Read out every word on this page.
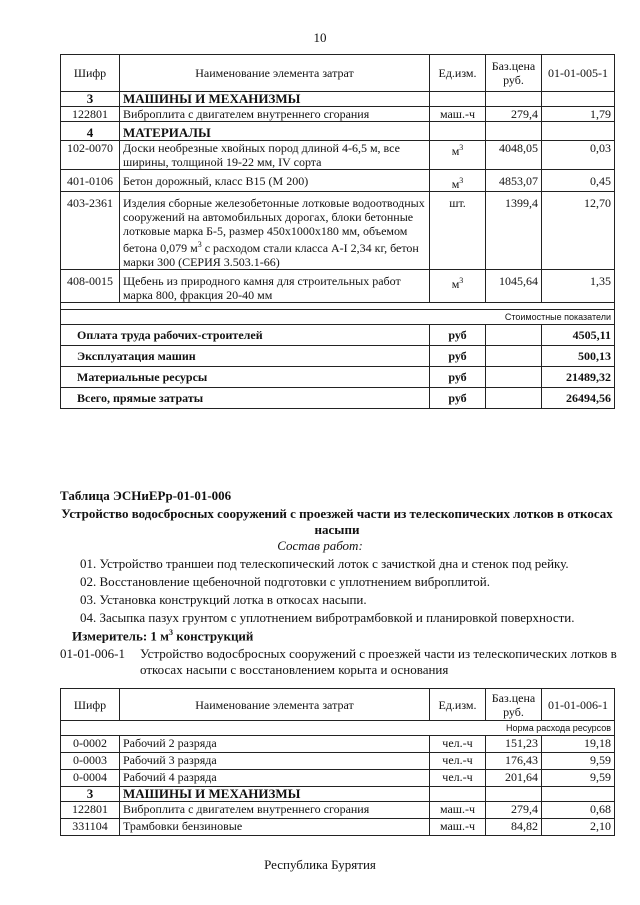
10
Шифр	Наименование элемента затрат	Ед.изм.	Баз.цена руб.	01-01-005-1
3	МАШИНЫ И МЕХАНИЗМЫ			
122801	Виброплита с двигателем внутреннего сгорания	маш.-ч	279,4	1,79
4	МАТЕРИАЛЫ			
102-0070	Доски необрезные хвойных пород длиной 4-6,5 м, все ширины, толщиной 19-22 мм, IV сорта	$м^3$	4048,05	0,03
401-0106	Бетон дорожный, класс В15 (М 200)	$м^3$	4853,07	0,45
403-2361	Изделия сборные железобетонные лотковые водоотводных сооружений на автомобильных дорогах, блоки бетонные лотковые марка Б-5, размер 450х1000х180 мм, объемом бетона 0,079 $м^3$ с расходом стали класса А-I 2,34 кг, бетон марки 300 (СЕРИЯ 3.503.1-66)	шт.	1399,4	12,70
408-0015	Щебень из природного камня для строительных работ марка 800, фракция 20-40 мм	$м^3$	1045,64	1,35

Стоимостные показатели				
Оплата труда рабочих-строителей		руб		4505,11
Эксплуатация машин		руб		500,13
Материальные ресурсы		руб		21489,32
Всего, прямые затраты		руб		26494,56
Таблица ЭСНиЕРр-01-01-006
Устройство водосбросных сооружений с проезжей части из телескопических лотков в откосах насыпи
Состав работ:
01. Устройство траншеи под телескопический лоток с зачисткой дна и стенок под рейку.
02. Восстановление щебеночной подготовки с уплотнением виброплитой.
03. Установка конструкций лотка в откосах насыпи.
04. Засыпка пазух грунтом с уплотнением вибротрамбовкой и планировкой поверхности.
Измеритель: 1 $м^3$ конструкций
01-01-006-1 Устройство водосбросных сооружений с проезжей части из телескопических лотков в откосах насыпи с восстановлением корыта и основания
Шифр	Наименование элемента затрат	Ед.изм.	Баз.цена руб.	01-01-006-1
Норма расхода ресурсов				
0-0002	Рабочий 2 разряда	чел.-ч	151,23	19,18
0-0003	Рабочий 3 разряда	чел.-ч	176,43	9,59
0-0004	Рабочий 4 разряда	чел.-ч	201,64	9,59
3	МАШИНЫ И МЕХАНИЗМЫ			
122801	Виброплита с двигателем внутреннего сгорания	маш.-ч	279,4	0,68
331104	Трамбовки бензиновые	маш.-ч	84,82	2,10
Республика Бурятия
